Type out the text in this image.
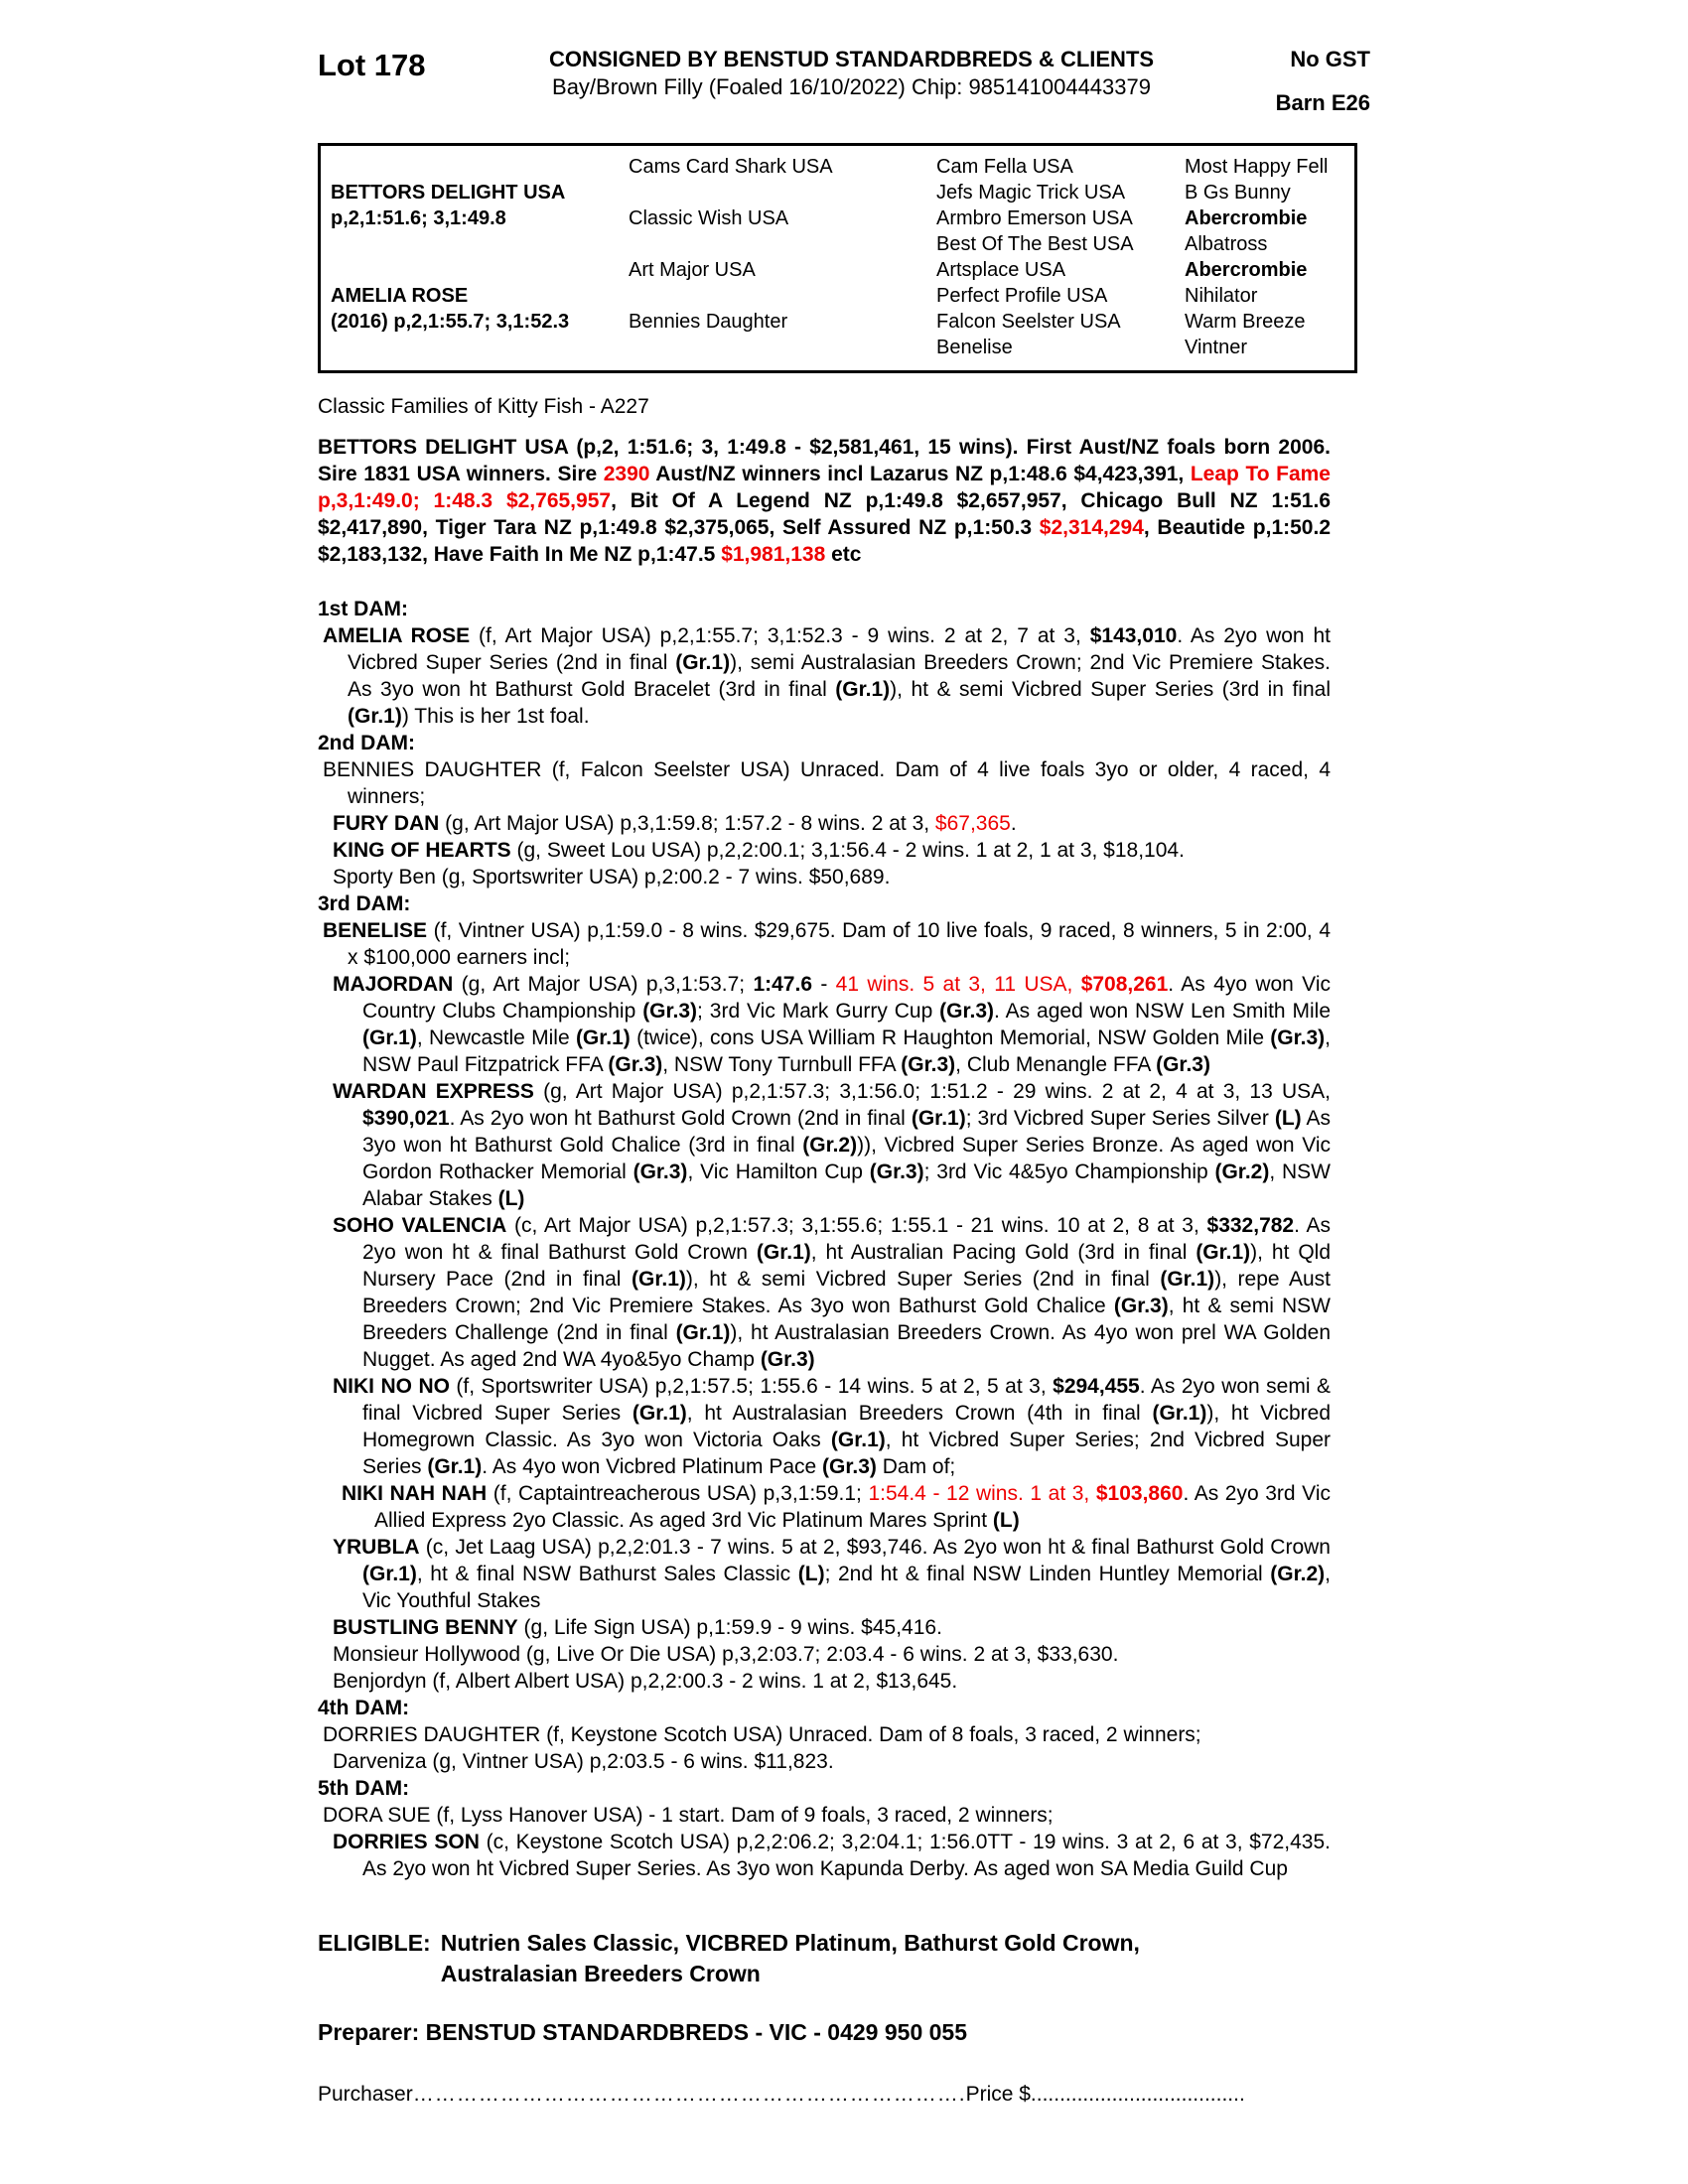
Lot 178	CONSIGNED BY BENSTUD STANDARDBREDS & CLIENTS
Bay/Brown Filly (Foaled 16/10/2022) Chip: 985141004443379
No GST
Barn E26
BETTORS DELIGHT USA
p,2,1:51.6; 3,1:49.8
AMELIA ROSE
(2016) p,2,1:55.7; 3,1:52.3
Cams Card Shark USA
Classic Wish USA
Art Major USA
Bennies Daughter
Cam Fella USA
Jefs Magic Trick USA
Armbro Emerson USA
Best Of The Best USA
Artsplace USA
Perfect Profile USA
Falcon Seelster USA
Benelise
Most Happy Fell
B Gs Bunny
Abercrombie
Albatross
Abercrombie
Nihilator
Warm Breeze
Vintner
Classic Families of Kitty Fish - A227
BETTORS DELIGHT USA (p,2, 1:51.6; 3, 1:49.8 - $2,581,461, 15 wins). First Aust/NZ foals born 2006. Sire 1831 USA winners. Sire 2390 Aust/NZ winners incl Lazarus NZ p,1:48.6 $4,423,391, Leap To Fame p,3,1:49.0; 1:48.3 $2,765,957, Bit Of A Legend NZ p,1:49.8 $2,657,957, Chicago Bull NZ 1:51.6 $2,417,890, Tiger Tara NZ p,1:49.8 $2,375,065, Self Assured NZ p,1:50.3 $2,314,294, Beautide p,1:50.2 $2,183,132, Have Faith In Me NZ p,1:47.5 $1,981,138 etc
1st DAM:
AMELIA ROSE (f, Art Major USA) p,2,1:55.7; 3,1:52.3 - 9 wins. 2 at 2, 7 at 3, $143,010. As 2yo won ht Vicbred Super Series (2nd in final (Gr.1)), semi Australasian Breeders Crown; 2nd Vic Premiere Stakes. As 3yo won ht Bathurst Gold Bracelet (3rd in final (Gr.1)), ht & semi Vicbred Super Series (3rd in final (Gr.1)) This is her 1st foal.
2nd DAM:
BENNIES DAUGHTER (f, Falcon Seelster USA) Unraced. Dam of 4 live foals 3yo or older, 4 raced, 4 winners;
FURY DAN (g, Art Major USA) p,3,1:59.8; 1:57.2 - 8 wins. 2 at 3, $67,365.
KING OF HEARTS (g, Sweet Lou USA) p,2,2:00.1; 3,1:56.4 - 2 wins. 1 at 2, 1 at 3, $18,104.
Sporty Ben (g, Sportswriter USA) p,2:00.2 - 7 wins. $50,689.
3rd DAM:
BENELISE (f, Vintner USA) p,1:59.0 - 8 wins. $29,675. Dam of 10 live foals, 9 raced, 8 winners, 5 in 2:00, 4 x $100,000 earners incl;
MAJORDAN (g, Art Major USA) p,3,1:53.7; 1:47.6 - 41 wins. 5 at 3, 11 USA, $708,261. As 4yo won Vic Country Clubs Championship (Gr.3); 3rd Vic Mark Gurry Cup (Gr.3). As aged won NSW Len Smith Mile (Gr.1), Newcastle Mile (Gr.1) (twice), cons USA William R Haughton Memorial, NSW Golden Mile (Gr.3), NSW Paul Fitzpatrick FFA (Gr.3), NSW Tony Turnbull FFA (Gr.3), Club Menangle FFA (Gr.3)
WARDAN EXPRESS (g, Art Major USA) p,2,1:57.3; 3,1:56.0; 1:51.2 - 29 wins. 2 at 2, 4 at 3, 13 USA, $390,021. As 2yo won ht Bathurst Gold Crown (2nd in final (Gr.1); 3rd Vicbred Super Series Silver (L) As 3yo won ht Bathurst Gold Chalice (3rd in final (Gr.2))), Vicbred Super Series Bronze. As aged won Vic Gordon Rothacker Memorial (Gr.3), Vic Hamilton Cup (Gr.3); 3rd Vic 4&5yo Championship (Gr.2), NSW Alabar Stakes (L)
SOHO VALENCIA (c, Art Major USA) p,2,1:57.3; 3,1:55.6; 1:55.1 - 21 wins. 10 at 2, 8 at 3, $332,782. As 2yo won ht & final Bathurst Gold Crown (Gr.1), ht Australian Pacing Gold (3rd in final (Gr.1)), ht Qld Nursery Pace (2nd in final (Gr.1)), ht & semi Vicbred Super Series (2nd in final (Gr.1)), repe Aust Breeders Crown; 2nd Vic Premiere Stakes. As 3yo won Bathurst Gold Chalice (Gr.3), ht & semi NSW Breeders Challenge (2nd in final (Gr.1)), ht Australasian Breeders Crown. As 4yo won prel WA Golden Nugget. As aged 2nd WA 4yo&5yo Champ (Gr.3)
NIKI NO NO (f, Sportswriter USA) p,2,1:57.5; 1:55.6 - 14 wins. 5 at 2, 5 at 3, $294,455. As 2yo won semi & final Vicbred Super Series (Gr.1), ht Australasian Breeders Crown (4th in final (Gr.1)), ht Vicbred Homegrown Classic. As 3yo won Victoria Oaks (Gr.1), ht Vicbred Super Series; 2nd Vicbred Super Series (Gr.1). As 4yo won Vicbred Platinum Pace (Gr.3) Dam of;
NIKI NAH NAH (f, Captaintreacherous USA) p,3,1:59.1; 1:54.4 - 12 wins. 1 at 3, $103,860. As 2yo 3rd Vic Allied Express 2yo Classic. As aged 3rd Vic Platinum Mares Sprint (L)
YRUBLA (c, Jet Laag USA) p,2,2:01.3 - 7 wins. 5 at 2, $93,746. As 2yo won ht & final Bathurst Gold Crown (Gr.1), ht & final NSW Bathurst Sales Classic (L); 2nd ht & final NSW Linden Huntley Memorial (Gr.2), Vic Youthful Stakes
BUSTLING BENNY (g, Life Sign USA) p,1:59.9 - 9 wins. $45,416.
Monsieur Hollywood (g, Live Or Die USA) p,3,2:03.7; 2:03.4 - 6 wins. 2 at 3, $33,630.
Benjordyn (f, Albert Albert USA) p,2,2:00.3 - 2 wins. 1 at 2, $13,645.
4th DAM:
DORRIES DAUGHTER (f, Keystone Scotch USA) Unraced. Dam of 8 foals, 3 raced, 2 winners;
Darveniza (g, Vintner USA) p,2:03.5 - 6 wins. $11,823.
5th DAM:
DORA SUE (f, Lyss Hanover USA) - 1 start. Dam of 9 foals, 3 raced, 2 winners;
DORRIES SON (c, Keystone Scotch USA) p,2,2:06.2; 3,2:04.1; 1:56.0TT - 19 wins. 3 at 2, 6 at 3, $72,435. As 2yo won ht Vicbred Super Series. As 3yo won Kapunda Derby. As aged won SA Media Guild Cup
ELIGIBLE: Nutrien Sales Classic, VICBRED Platinum, Bathurst Gold Crown,
Australasian Breeders Crown
Preparer: BENSTUD STANDARDBREDS - VIC - 0429 950 055
Purchaser………………………………………………………………….Price $.....................................
